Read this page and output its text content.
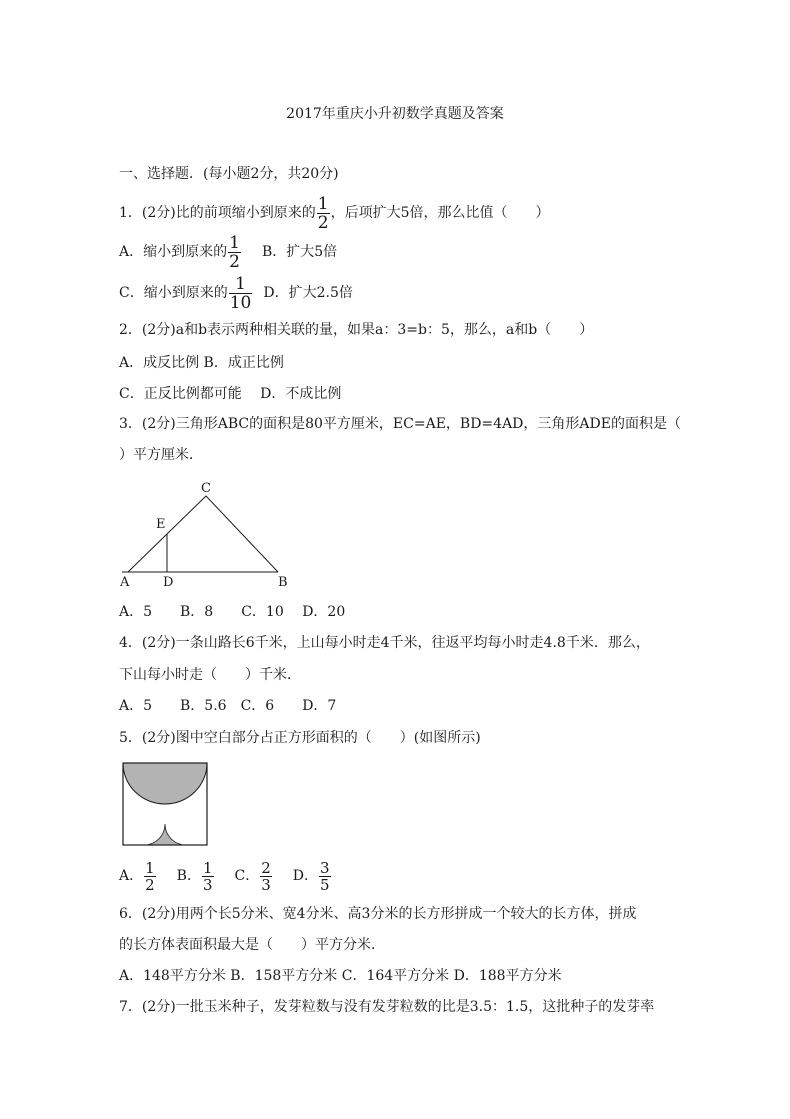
2017年重庆小升初数学真题及答案
一、选择题．(每小题2分，共20分)
1．(2分)比的前项缩小到原来的 $\frac{1}{2}$ ，后项扩大5倍，那么比值（　　）
A．缩小到原来的 $\frac{1}{2}$ B．扩大5倍
C．缩小到原来的 $\frac{1}{10}$ D．扩大2.5倍
2．(2分)a和b表示两种相关联的量，如果a：3=b：5，那么，a和b（　　）
A．成反比例 B．成正比例
C．正反比例都可能　 D．不成比例
3．(2分)三角形ABC的面积是80平方厘米，EC=AE，BD=4AD，三角形ADE的面积是（
）平方厘米．
C
E
A	D	B
A．5　　B．8　　C．10　 D．20
4．(2分)一条山路长6千米，上山每小时走4千米，往返平均每小时走4.8千米．那么，
下山每小时走（　　）千米．
A．5　　B．5.6　C．6　　D．7
5．(2分)图中空白部分占正方形面积的（　　）(如图所示)
A． $\frac{1}{2}$ B． $\frac{1}{3}$ C． $\frac{2}{3}$ D． $\frac{3}{5}$
6．(2分)用两个长5分米、宽4分米、高3分米的长方形拼成一个较大的长方体，拼成
的长方体表面积最大是（　　）平方分米．
A．148平方分米 B．158平方分米 C．164平方分米 D．188平方分米
7．(2分)一批玉米种子，发芽粒数与没有发芽粒数的比是3.5：1.5，这批种子的发芽率
